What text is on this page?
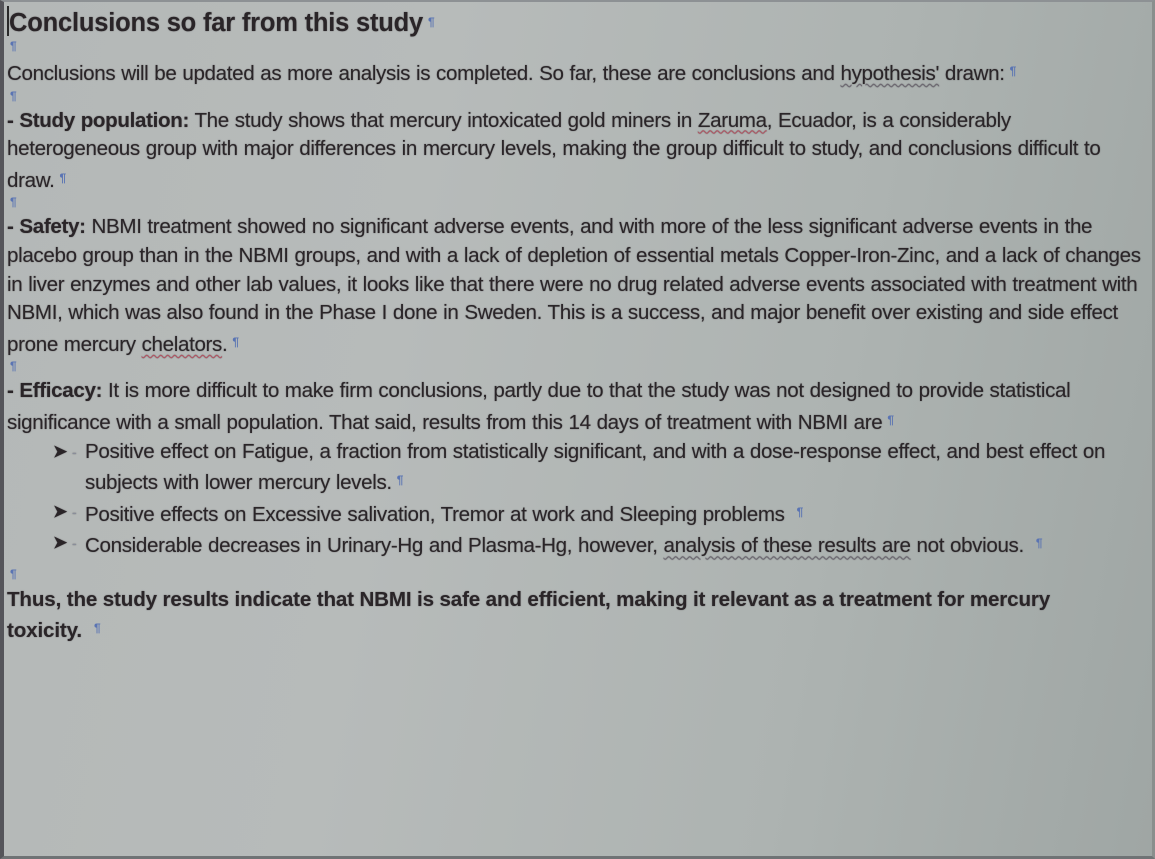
Conclusions so far from this study ¶
¶

Conclusions will be updated as more analysis is completed. So far, these are conclusions and hypothesis' drawn: ¶

¶

- Study population: The study shows that mercury intoxicated gold miners in Zaruma, Ecuador, is a considerably heterogeneous group with major differences in mercury levels, making the group difficult to study, and conclusions difficult to draw. ¶

¶

- Safety: NBMI treatment showed no significant adverse events, and with more of the less significant adverse events in the placebo group than in the NBMI groups, and with a lack of depletion of essential metals Copper-Iron-Zinc, and a lack of changes in liver enzymes and other lab values, it looks like that there were no drug related adverse events associated with treatment with NBMI, which was also found in the Phase I done in Sweden. This is a success, and major benefit over existing and side effect prone mercury chelators. ¶

¶

- Efficacy: It is more difficult to make firm conclusions, partly due to that the study was not designed to provide statistical significance with a small population. That said, results from this 14 days of treatment with NBMI are ¶

➤ - Positive effect on Fatigue, a fraction from statistically significant, and with a dose-response effect, and best effect on subjects with lower mercury levels. ¶
➤ - Positive effects on Excessive salivation, Tremor at work and Sleeping problems ¶
➤ - Considerable decreases in Urinary-Hg and Plasma-Hg, however, analysis of these results are not obvious. ¶
¶

Thus, the study results indicate that NBMI is safe and efficient, making it relevant as a treatment for mercury toxicity. ¶
